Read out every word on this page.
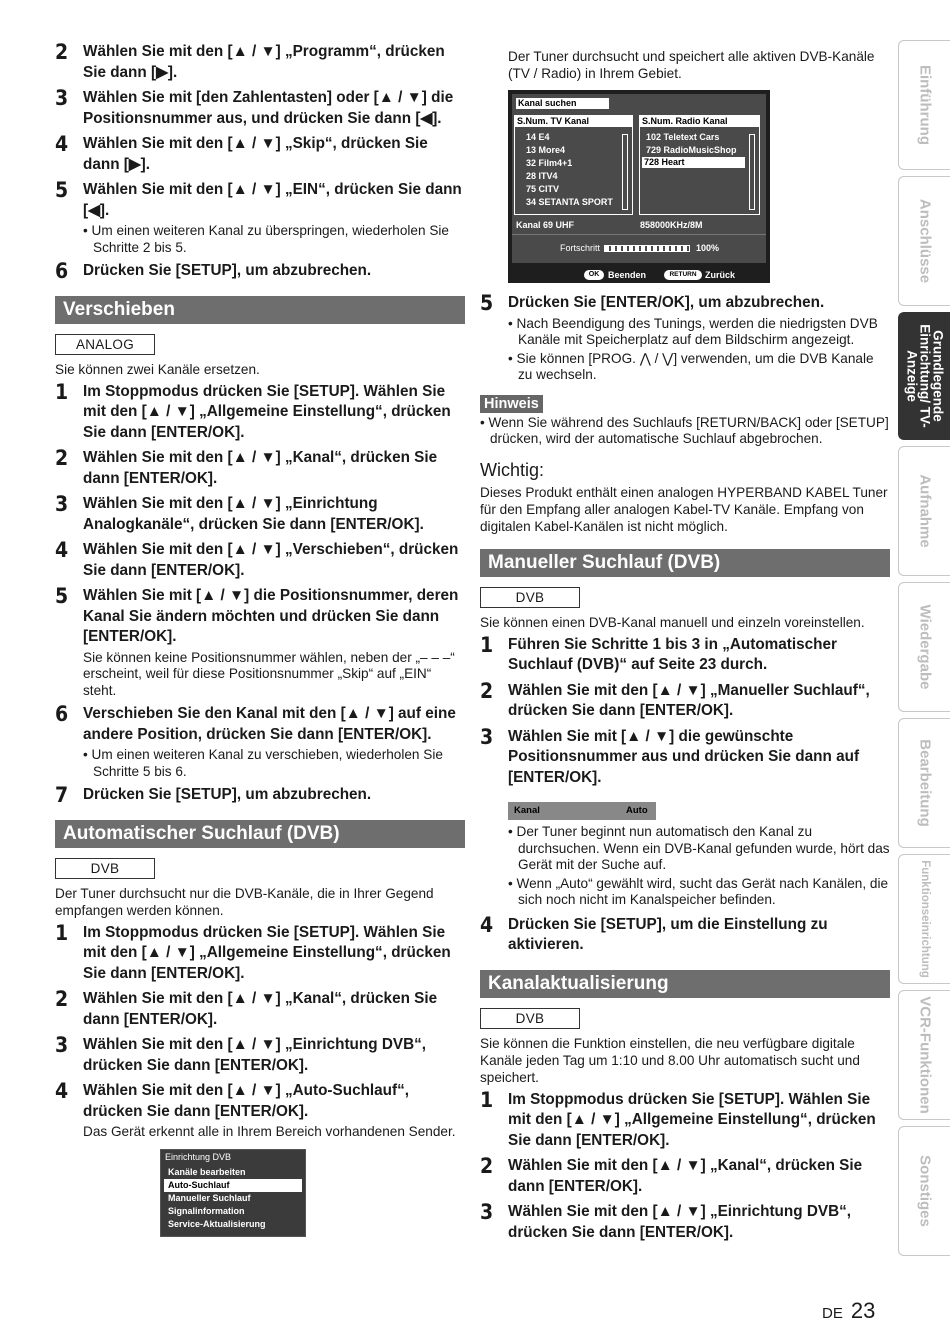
2 Wählen Sie mit den [▲ / ▼] „Programm“, drücken Sie dann [▶].
3 Wählen Sie mit [den Zahlentasten] oder [▲ / ▼] die Positionsnummer aus, und drücken Sie dann [◀].
4 Wählen Sie mit den [▲ / ▼] „Skip“, drücken Sie dann [▶].
5 Wählen Sie mit den [▲ / ▼] „EIN“, drücken Sie dann [◀].
• Um einen weiteren Kanal zu überspringen, wiederholen Sie Schritte 2 bis 5.
6 Drücken Sie [SETUP], um abzubrechen.
Verschieben
ANALOG
Sie können zwei Kanäle ersetzen.
1 Im Stoppmodus drücken Sie [SETUP]. Wählen Sie mit den [▲ / ▼] „Allgemeine Einstellung“, drücken Sie dann [ENTER/OK].
2 Wählen Sie mit den [▲ / ▼] „Kanal“, drücken Sie dann [ENTER/OK].
3 Wählen Sie mit den [▲ / ▼] „Einrichtung Analogkanäle“, drücken Sie dann [ENTER/OK].
4 Wählen Sie mit den [▲ / ▼] „Verschieben“, drücken Sie dann [ENTER/OK].
5 Wählen Sie mit [▲ / ▼] die Positionsnummer, deren Kanal Sie ändern möchten und drücken Sie dann [ENTER/OK].
Sie können keine Positionsnummer wählen, neben der „– – –“ erscheint, weil für diese Positionsnummer „Skip“ auf „EIN“ steht.
6 Verschieben Sie den Kanal mit den [▲ / ▼] auf eine andere Position, drücken Sie dann [ENTER/OK].
• Um einen weiteren Kanal zu verschieben, wiederholen Sie Schritte 5 bis 6.
7 Drücken Sie [SETUP], um abzubrechen.
Automatischer Suchlauf (DVB)
DVB
Der Tuner durchsucht nur die DVB-Kanäle, die in Ihrer Gegend empfangen werden können.
1 Im Stoppmodus drücken Sie [SETUP]. Wählen Sie mit den [▲ / ▼] „Allgemeine Einstellung“, drücken Sie dann [ENTER/OK].
2 Wählen Sie mit den [▲ / ▼] „Kanal“, drücken Sie dann [ENTER/OK].
3 Wählen Sie mit den [▲ / ▼] „Einrichtung DVB“, drücken Sie dann [ENTER/OK].
4 Wählen Sie mit den [▲ / ▼] „Auto-Suchlauf“, drücken Sie dann [ENTER/OK].
Das Gerät erkennt alle in Ihrem Bereich vorhandenen Sender.
Einrichtung DVB
Kanäle bearbeiten
Auto-Suchlauf
Manueller Suchlauf
Signalinformation
Service-Aktualisierung
Der Tuner durchsucht und speichert alle aktiven DVB-Kanäle (TV / Radio) in Ihrem Gebiet.
Kanal suchen
S.Num. TV Kanal
14 E4
13 More4
32 Film4+1
28 ITV4
75 CITV
34 SETANTA SPORT
S.Num. Radio Kanal
102 Teletext Cars
729 RadioMusicShop
728 Heart
Kanal 69 UHF	858000KHz/8M
Fortschritt	100%
OK Beenden	RETURN Zurück
5 Drücken Sie [ENTER/OK], um abzubrechen.
• Nach Beendigung des Tunings, werden die niedrigsten DVB Kanäle mit Speicherplatz auf dem Bildschirm angezeigt.
• Sie können [PROG. ⋀ / ⋁] verwenden, um die DVB Kanale zu wechseln.
Hinweis
• Wenn Sie während des Suchlaufs [RETURN/BACK] oder [SETUP] drücken, wird der automatische Suchlauf abgebrochen.
Wichtig:
Dieses Produkt enthält einen analogen HYPERBAND KABEL Tuner für den Empfang aller analogen Kabel-TV Kanäle. Empfang von digitalen Kabel-Kanälen ist nicht möglich.
Manueller Suchlauf (DVB)
DVB
Sie können einen DVB-Kanal manuell und einzeln voreinstellen.
1 Führen Sie Schritte 1 bis 3 in „Automatischer Suchlauf (DVB)“ auf Seite 23 durch.
2 Wählen Sie mit den [▲ / ▼] „Manueller Suchlauf“, drücken Sie dann [ENTER/OK].
3 Wählen Sie mit [▲ / ▼] die gewünschte Positionsnummer aus und drücken Sie dann auf [ENTER/OK].
Kanal	Auto
• Der Tuner beginnt nun automatisch den Kanal zu durchsuchen. Wenn ein DVB-Kanal gefunden wurde, hört das Gerät mit der Suche auf.
• Wenn „Auto“ gewählt wird, sucht das Gerät nach Kanälen, die sich noch nicht im Kanalspeicher befinden.
4 Drücken Sie [SETUP], um die Einstellung zu aktivieren.
Kanalaktualisierung
DVB
Sie können die Funktion einstellen, die neu verfügbare digitale Kanäle jeden Tag um 1:10 und 8.00 Uhr automatisch sucht und speichert.
1 Im Stoppmodus drücken Sie [SETUP]. Wählen Sie mit den [▲ / ▼] „Allgemeine Einstellung“, drücken Sie dann [ENTER/OK].
2 Wählen Sie mit den [▲ / ▼] „Kanal“, drücken Sie dann [ENTER/OK].
3 Wählen Sie mit den [▲ / ▼] „Einrichtung DVB“, drücken Sie dann [ENTER/OK].
Einführung
Anschlüsse
Grundlegende Einrichtung/ TV-Anzeige
Aufnahme
Wiedergabe
Bearbeitung
Funktionseinrichtung
VCR-Funktionen
Sonstiges
DE 23
